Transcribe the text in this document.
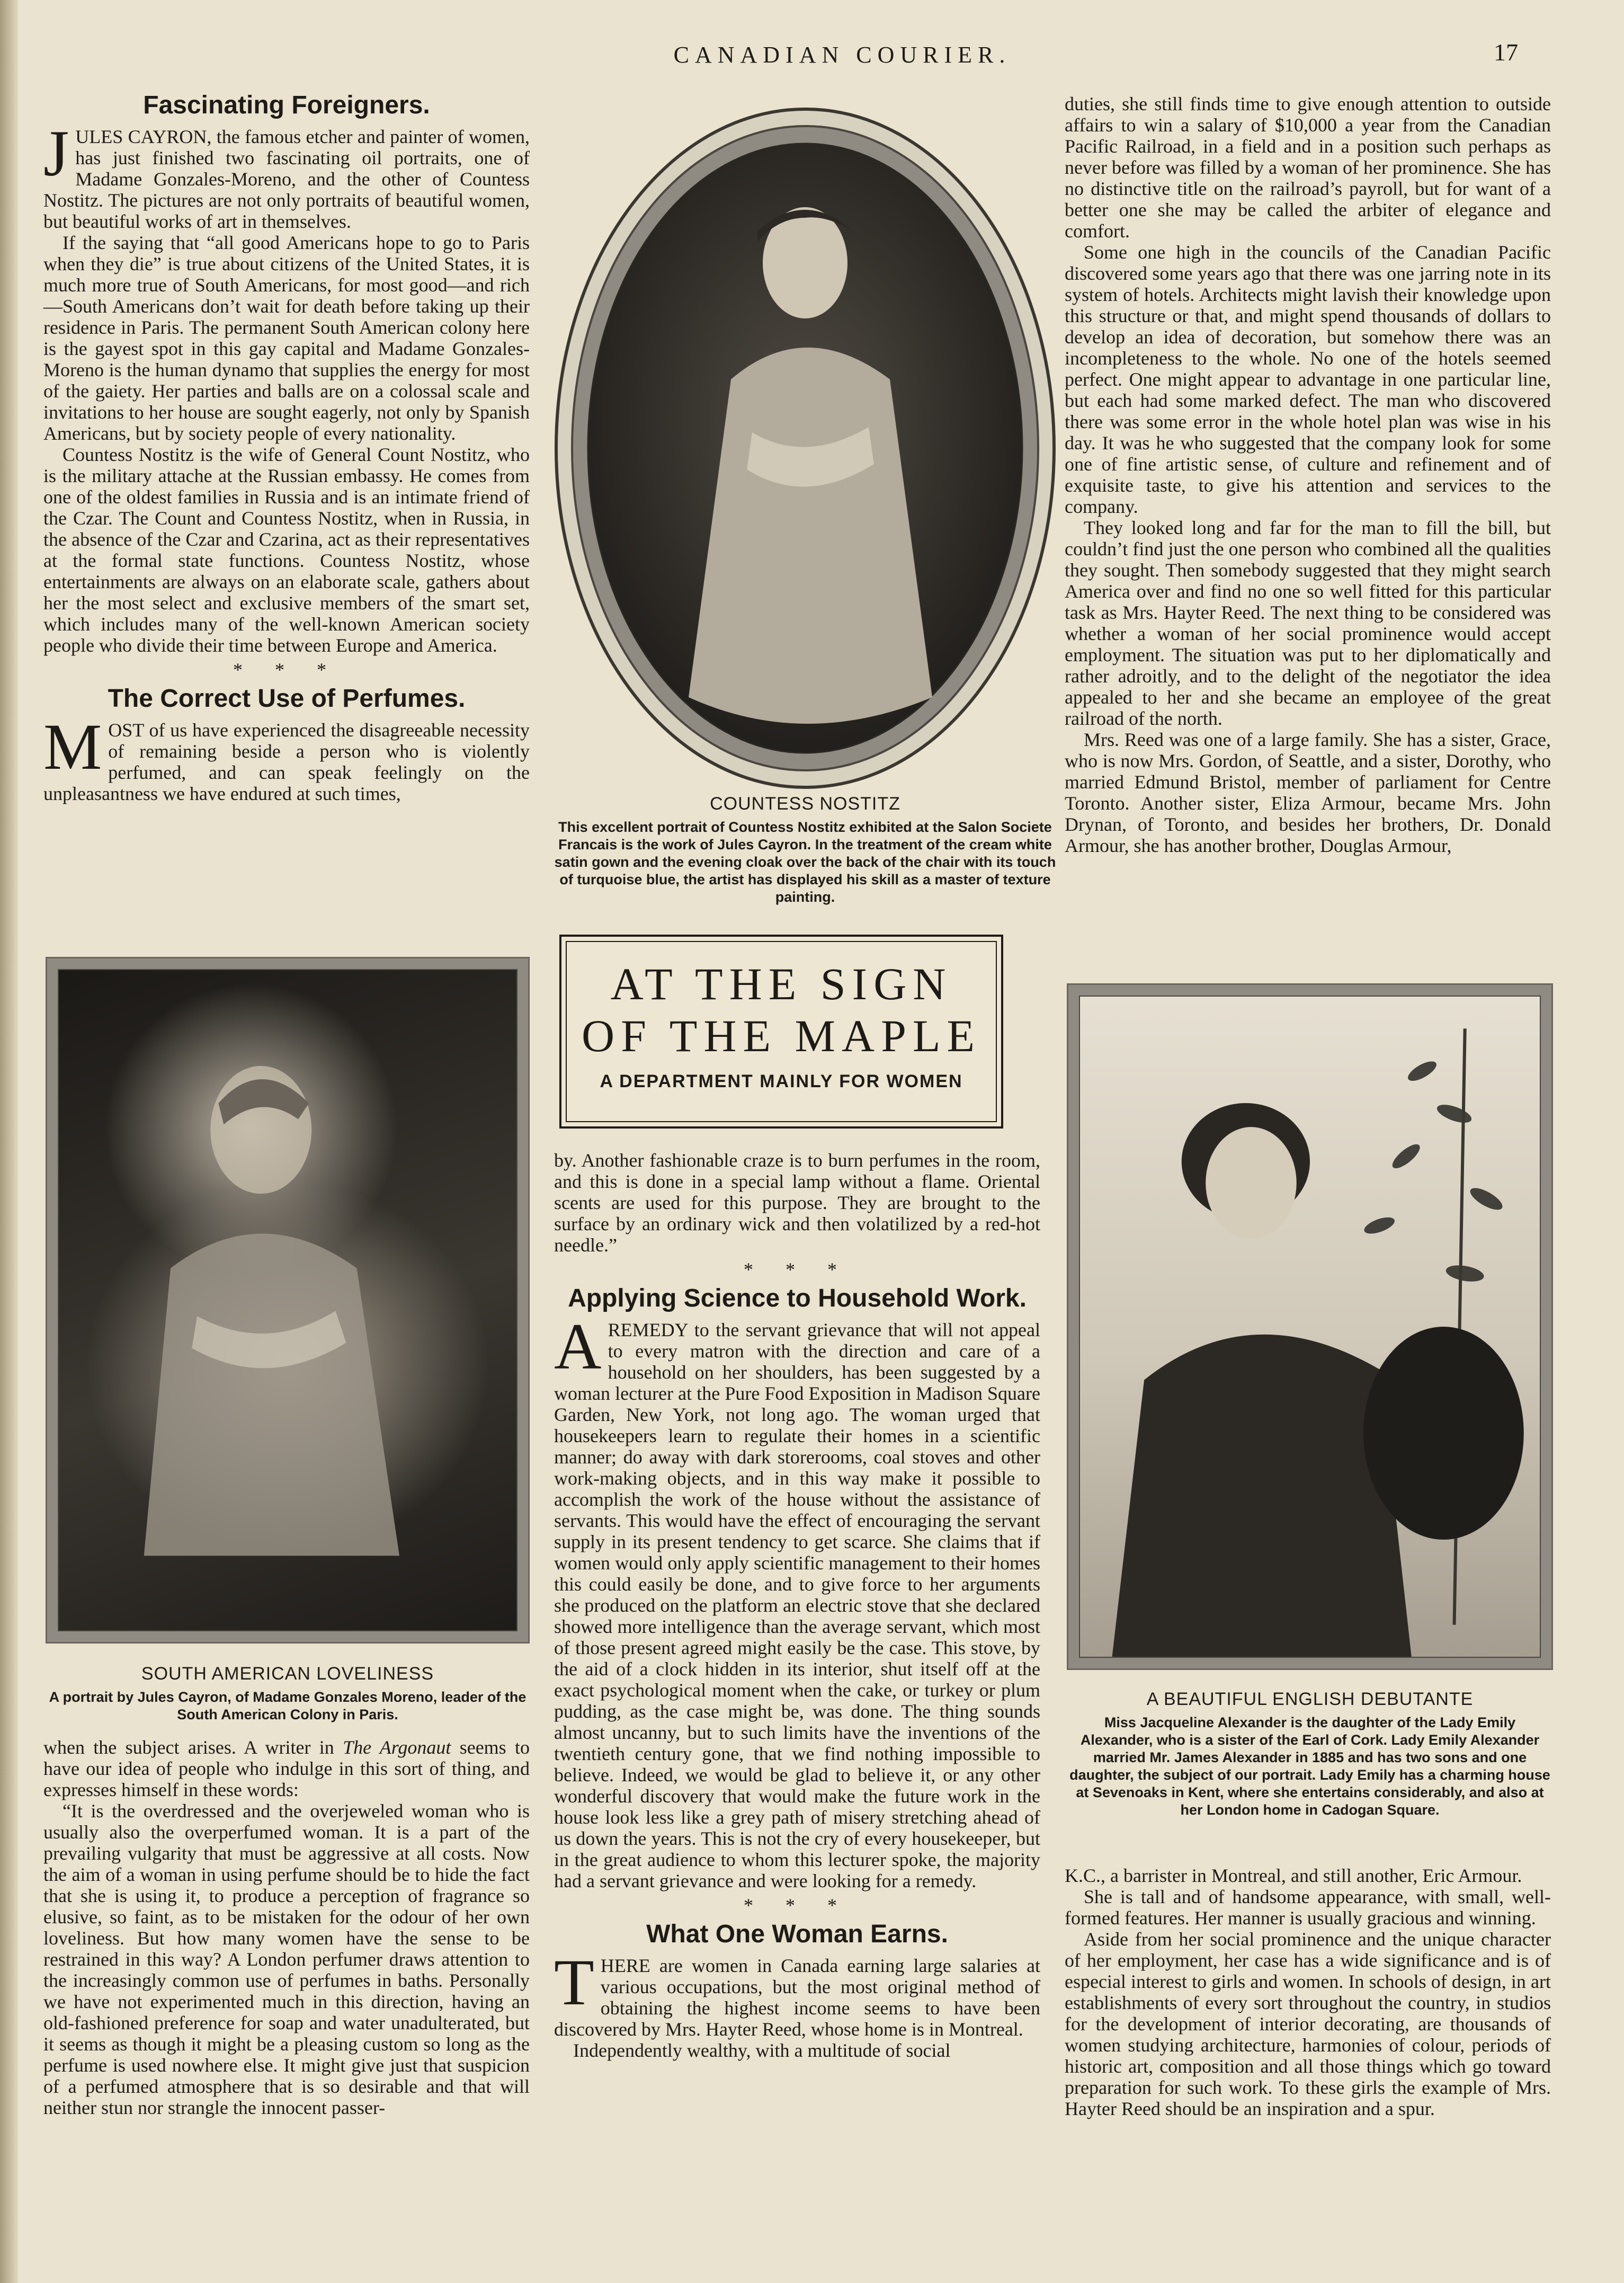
CANADIAN COURIER.	17
Fascinating Foreigners.

JULES CAYRON, the famous etcher and painter of women, has just finished two fascinating oil portraits, one of Madame Gonzales-Moreno, and the other of Countess Nostitz. The pictures are not only portraits of beautiful women, but beautiful works of art in themselves.

If the saying that “all good Americans hope to go to Paris when they die” is true about citizens of the United States, it is much more true of South Americans, for most good—and rich—South Americans don’t wait for death before taking up their residence in Paris. The permanent South American colony here is the gayest spot in this gay capital and Madame Gonzales-Moreno is the human dynamo that supplies the energy for most of the gaiety. Her parties and balls are on a colossal scale and invitations to her house are sought eagerly, not only by Spanish Americans, but by society people of every nationality.

Countess Nostitz is the wife of General Count Nostitz, who is the military attache at the Russian embassy. He comes from one of the oldest families in Russia and is an intimate friend of the Czar. The Count and Countess Nostitz, when in Russia, in the absence of the Czar and Czarina, act as their representatives at the formal state functions. Countess Nostitz, whose entertainments are always on an elaborate scale, gathers about her the most select and exclusive members of the smart set, which includes many of the well-known American society people who divide their time between Europe and America.

* * *
The Correct Use of Perfumes.

MOST of us have experienced the disagreeable necessity of remaining beside a person who is violently perfumed, and can speak feelingly on the unpleasantness we have endured at such times,

SOUTH AMERICAN LOVELINESS
A portrait by Jules Cayron, of Madame Gonzales Moreno, leader of the South American Colony in Paris.

when the subject arises. A writer in The Argonaut seems to have our idea of people who indulge in this sort of thing, and expresses himself in these words:

“It is the overdressed and the overjeweled woman who is usually also the overperfumed woman. It is a part of the prevailing vulgarity that must be aggressive at all costs. Now the aim of a woman in using perfume should be to hide the fact that she is using it, to produce a perception of fragrance so elusive, so faint, as to be mistaken for the odour of her own loveliness. But how many women have the sense to be restrained in this way? A London perfumer draws attention to the increasingly common use of perfumes in baths. Personally we have not experimented much in this direction, having an old-fashioned preference for soap and water unadulterated, but it seems as though it might be a pleasing custom so long as the perfume is used nowhere else. It might give just that suspicion of a perfumed atmosphere that is so desirable and that will neither stun nor strangle the innocent passer-

COUNTESS NOSTITZ
This excellent portrait of Countess Nostitz exhibited at the Salon Societe Francais is the work of Jules Cayron. In the treatment of the cream white satin gown and the evening cloak over the back of the chair with its touch of turquoise blue, the artist has displayed his skill as a master of texture painting.
AT THE SIGN
OF THE MAPLE
A DEPARTMENT MAINLY FOR WOMEN

by. Another fashionable craze is to burn perfumes in the room, and this is done in a special lamp without a flame. Oriental scents are used for this purpose. They are brought to the surface by an ordinary wick and then volatilized by a red-hot needle.”

* * *
Applying Science to Household Work.

AREMEDY to the servant grievance that will not appeal to every matron with the direction and care of a household on her shoulders, has been suggested by a woman lecturer at the Pure Food Exposition in Madison Square Garden, New York, not long ago. The woman urged that housekeepers learn to regulate their homes in a scientific manner; do away with dark storerooms, coal stoves and other work-making objects, and in this way make it possible to accomplish the work of the house without the assistance of servants. This would have the effect of encouraging the servant supply in its present tendency to get scarce. She claims that if women would only apply scientific management to their homes this could easily be done, and to give force to her arguments she produced on the platform an electric stove that she declared showed more intelligence than the average servant, which most of those present agreed might easily be the case. This stove, by the aid of a clock hidden in its interior, shut itself off at the exact psychological moment when the cake, or turkey or plum pudding, as the case might be, was done. The thing sounds almost uncanny, but to such limits have the inventions of the twentieth century gone, that we find nothing impossible to believe. Indeed, we would be glad to believe it, or any other wonderful discovery that would make the future work in the house look less like a grey path of misery stretching ahead of us down the years. This is not the cry of every housekeeper, but in the great audience to whom this lecturer spoke, the majority had a servant grievance and were looking for a remedy.

* * *
What One Woman Earns.

THERE are women in Canada earning large salaries at various occupations, but the most original method of obtaining the highest income seems to have been discovered by Mrs. Hayter Reed, whose home is in Montreal.

Independently wealthy, with a multitude of social

duties, she still finds time to give enough attention to outside affairs to win a salary of $10,000 a year from the Canadian Pacific Railroad, in a field and in a position such perhaps as never before was filled by a woman of her prominence. She has no distinctive title on the railroad’s payroll, but for want of a better one she may be called the arbiter of elegance and comfort.

Some one high in the councils of the Canadian Pacific discovered some years ago that there was one jarring note in its system of hotels. Architects might lavish their knowledge upon this structure or that, and might spend thousands of dollars to develop an idea of decoration, but somehow there was an incompleteness to the whole. No one of the hotels seemed perfect. One might appear to advantage in one particular line, but each had some marked defect. The man who discovered there was some error in the whole hotel plan was wise in his day. It was he who suggested that the company look for some one of fine artistic sense, of culture and refinement and of exquisite taste, to give his attention and services to the company.

They looked long and far for the man to fill the bill, but couldn’t find just the one person who combined all the qualities they sought. Then somebody suggested that they might search America over and find no one so well fitted for this particular task as Mrs. Hayter Reed. The next thing to be considered was whether a woman of her social prominence would accept employment. The situation was put to her diplomatically and rather adroitly, and to the delight of the negotiator the idea appealed to her and she became an employee of the great railroad of the north.

Mrs. Reed was one of a large family. She has a sister, Grace, who is now Mrs. Gordon, of Seattle, and a sister, Dorothy, who married Edmund Bristol, member of parliament for Centre Toronto. Another sister, Eliza Armour, became Mrs. John Drynan, of Toronto, and besides her brothers, Dr. Donald Armour, she has another brother, Douglas Armour,

A BEAUTIFUL ENGLISH DEBUTANTE
Miss Jacqueline Alexander is the daughter of the Lady Emily Alexander, who is a sister of the Earl of Cork. Lady Emily Alexander married Mr. James Alexander in 1885 and has two sons and one daughter, the subject of our portrait. Lady Emily has a charming house at Sevenoaks in Kent, where she entertains considerably, and also at her London home in Cadogan Square.

K.C., a barrister in Montreal, and still another, Eric Armour.

She is tall and of handsome appearance, with small, well-formed features. Her manner is usually gracious and winning.

Aside from her social prominence and the unique character of her employment, her case has a wide significance and is of especial interest to girls and women. In schools of design, in art establishments of every sort throughout the country, in studios for the development of interior decorating, are thousands of women studying architecture, harmonies of colour, periods of historic art, composition and all those things which go toward preparation for such work. To these girls the example of Mrs. Hayter Reed should be an inspiration and a spur.
